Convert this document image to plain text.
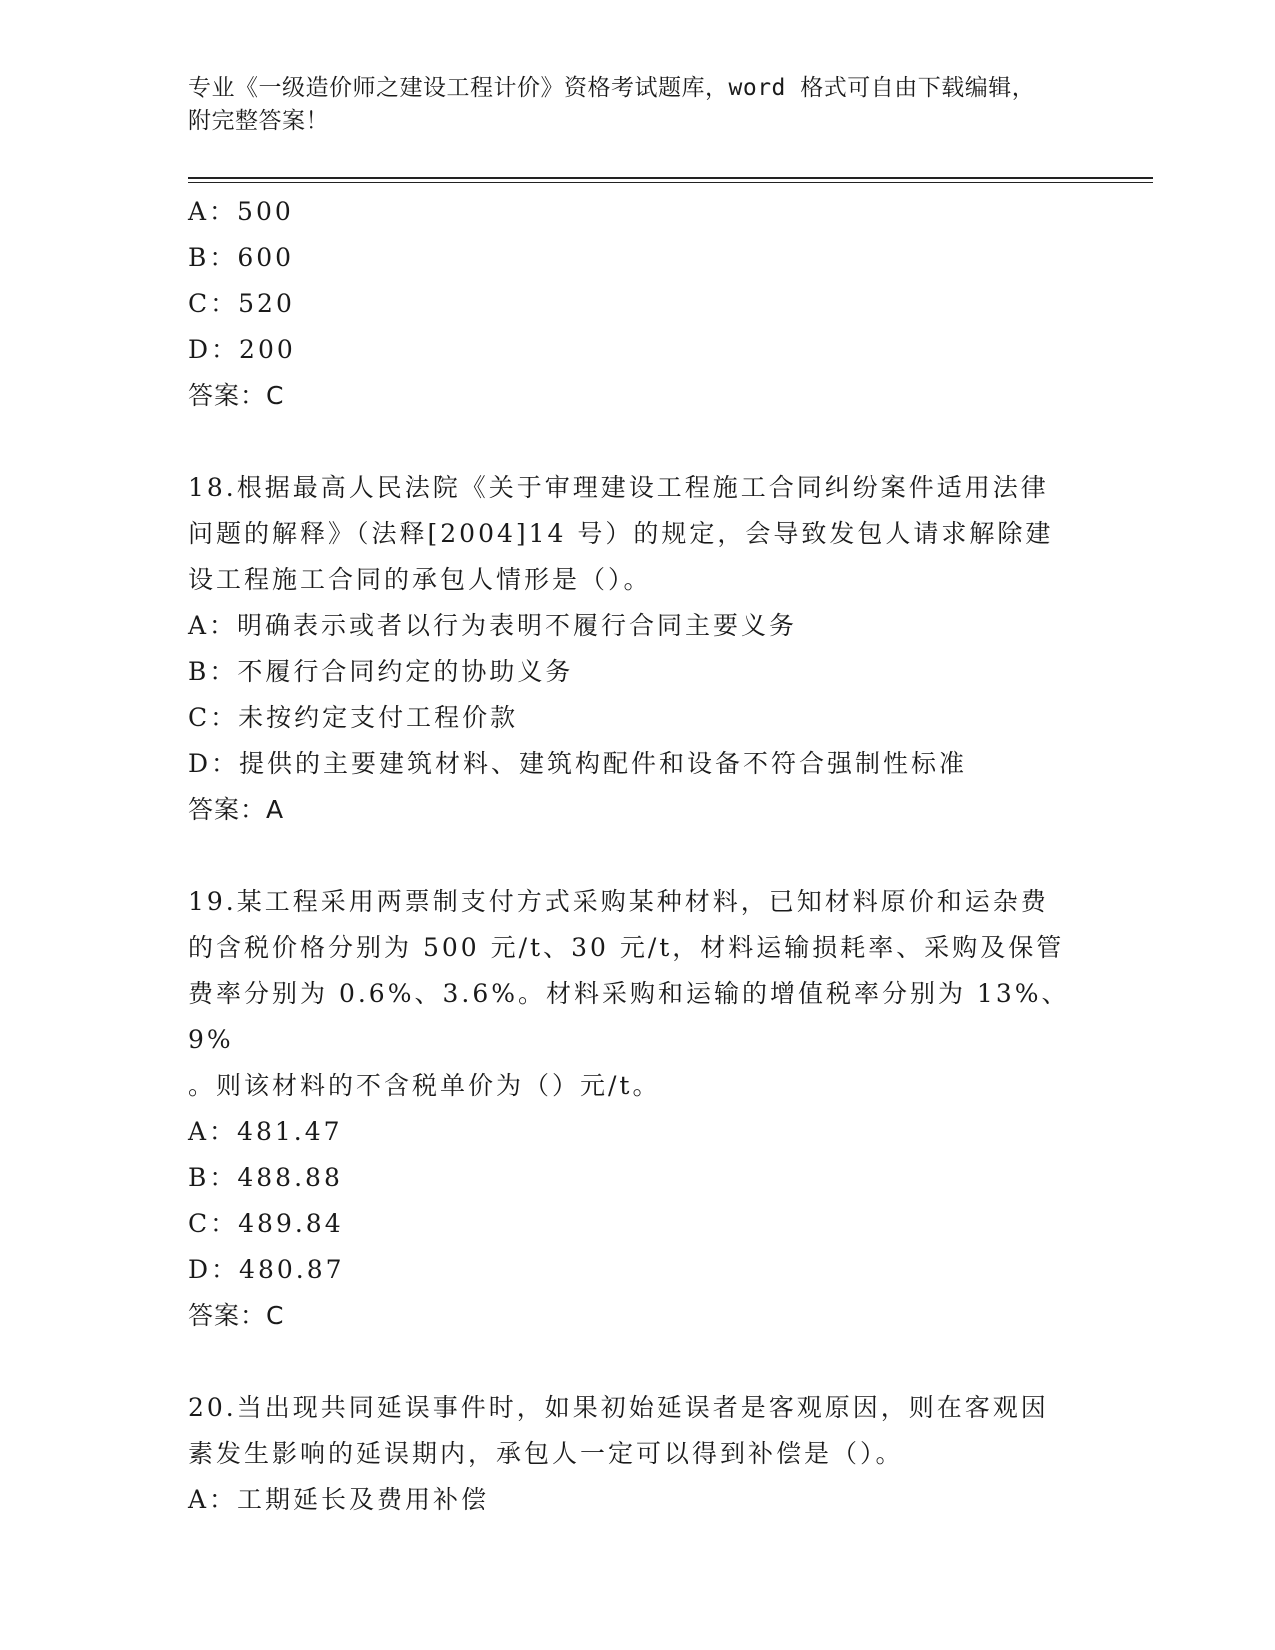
专业《一级造价师之建设工程计价》资格考试题库，word 格式可自由下载编辑，
附完整答案！
A：500
B：600
C：520
D：200
答案：C
18.根据最高人民法院《关于审理建设工程施工合同纠纷案件适用法律
问题的解释》（法释[2004]14 号）的规定，会导致发包人请求解除建
设工程施工合同的承包人情形是（）。
A：明确表示或者以行为表明不履行合同主要义务
B：不履行合同约定的协助义务
C：未按约定支付工程价款
D：提供的主要建筑材料、建筑构配件和设备不符合强制性标准
答案：A
19.某工程采用两票制支付方式采购某种材料，已知材料原价和运杂费
的含税价格分别为 500 元/t、30 元/t，材料运输损耗率、采购及保管
费率分别为 0.6%、3.6%。材料采购和运输的增值税率分别为 13%、9%
。则该材料的不含税单价为（）元/t。
A：481.47
B：488.88
C：489.84
D：480.87
答案：C
20.当出现共同延误事件时，如果初始延误者是客观原因，则在客观因
素发生影响的延误期内，承包人一定可以得到补偿是（）。
A：工期延长及费用补偿
